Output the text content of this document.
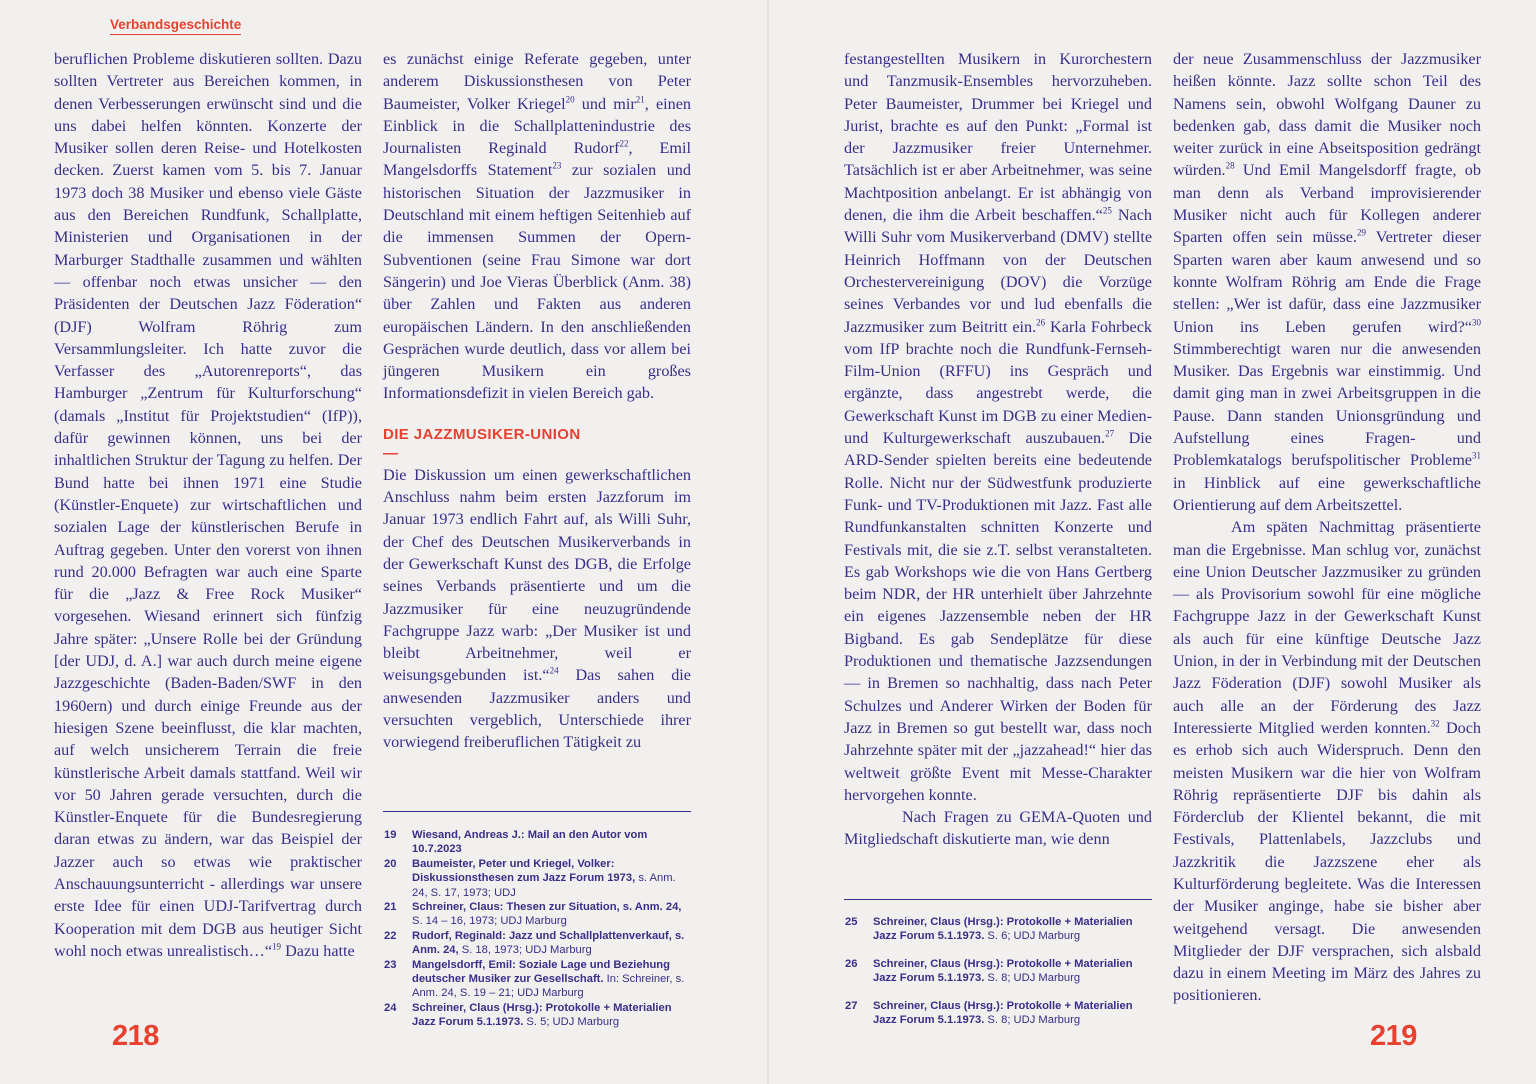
Verbandsgeschichte

beruflichen Probleme diskutieren sollten. Dazu sollten Vertreter aus Bereichen kommen, in denen Verbesserungen erwünscht sind und die uns dabei helfen könnten. Konzerte der Musiker sollen deren Reise- und Hotelkosten decken. Zuerst kamen vom 5. bis 7. Januar 1973 doch 38 Musiker und ebenso viele Gäste aus den Bereichen Rundfunk, Schallplatte, Ministerien und Organisationen in der Marburger Stadthalle zusammen und wählten — offenbar noch etwas unsicher — den Präsidenten der Deutschen Jazz Föderation“ (DJF) Wolfram Röhrig zum Versammlungsleiter. Ich hatte zuvor die Verfasser des „Autorenreports“, das Hamburger „Zentrum für Kulturforschung“ (damals „Institut für Projektstudien“ (IfP)), dafür gewinnen können, uns bei der inhaltlichen Struktur der Tagung zu helfen. Der Bund hatte bei ihnen 1971 eine Studie (Künstler-Enquete) zur wirtschaftlichen und sozialen Lage der künstlerischen Berufe in Auftrag gegeben. Unter den vorerst von ihnen rund 20.000 Befragten war auch eine Sparte für die „Jazz & Free Rock Musiker“ vorgesehen. Wiesand erinnert sich fünfzig Jahre später: „Unsere Rolle bei der Gründung [der UDJ, d. A.] war auch durch meine eigene Jazzgeschichte (Baden-Baden/SWF in den 1960ern) und durch einige Freunde aus der hiesigen Szene beeinflusst, die klar machten, auf welch unsicherem Terrain die freie künstlerische Arbeit damals stattfand. Weil wir vor 50 Jahren gerade versuchten, durch die Künstler-Enquete für die Bundesregierung daran etwas zu ändern, war das Beispiel der Jazzer auch so etwas wie praktischer Anschauungsunterricht - allerdings war unsere erste Idee für einen UDJ-Tarifvertrag durch Kooperation mit dem DGB aus heutiger Sicht wohl noch etwas unrealistisch…“$^{19}$ Dazu hatte

es zunächst einige Referate gegeben, unter anderem Diskussionsthesen von Peter Baumeister, Volker Kriegel$^{20}$ und mir$^{21}$, einen Einblick in die Schallplattenindustrie des Journalisten Reginald Rudorf$^{22}$, Emil Mangelsdorffs Statement$^{23}$ zur sozialen und historischen Situation der Jazzmusiker in Deutschland mit einem heftigen Seitenhieb auf die immensen Summen der Opern-Subventionen (seine Frau Simone war dort Sängerin) und Joe Vieras Überblick (Anm. 38) über Zahlen und Fakten aus anderen europäischen Ländern. In den anschließenden Gesprächen wurde deutlich, dass vor allem bei jüngeren Musikern ein großes Informationsdefizit in vielen Bereich gab.

DIE JAZZMUSIKER-UNION
—

Die Diskussion um einen gewerkschaftlichen Anschluss nahm beim ersten Jazzforum im Januar 1973 endlich Fahrt auf, als Willi Suhr, der Chef des Deutschen Musikerverbands in der Gewerkschaft Kunst des DGB, die Erfolge seines Verbands präsentierte und um die Jazzmusiker für eine neuzugründende Fachgruppe Jazz warb: „Der Musiker ist und bleibt Arbeitnehmer, weil er weisungsgebunden ist.“$^{24}$ Das sahen die anwesenden Jazzmusiker anders und versuchten vergeblich, Unterschiede ihrer vorwiegend freiberuflichen Tätigkeit zu

19	Wiesand, Andreas J.: Mail an den Autor vom 10.7.2023
20	Baumeister, Peter und Kriegel, Volker: Diskussionsthesen zum Jazz Forum 1973, s. Anm. 24, S. 17, 1973; UDJ
21	Schreiner, Claus: Thesen zur Situation, s. Anm. 24, S. 14 – 16, 1973; UDJ Marburg
22	Rudorf, Reginald: Jazz und Schallplattenverkauf, s. Anm. 24, S. 18, 1973; UDJ Marburg
23	Mangelsdorff, Emil: Soziale Lage und Beziehung deutscher Musiker zur Gesellschaft. In: Schreiner, s. Anm. 24, S. 19 – 21; UDJ Marburg
24	Schreiner, Claus (Hrsg.): Protokolle + Materialien Jazz Forum 5.1.1973. S. 5; UDJ Marburg
218

festangestellten Musikern in Kurorchestern und Tanzmusik-Ensembles hervorzuheben. Peter Baumeister, Drummer bei Kriegel und Jurist, brachte es auf den Punkt: „Formal ist der Jazzmusiker freier Unternehmer. Tatsächlich ist er aber Arbeitnehmer, was seine Machtposition anbelangt. Er ist abhängig von denen, die ihm die Arbeit beschaffen.“$^{25}$ Nach Willi Suhr vom Musikerverband (DMV) stellte Heinrich Hoffmann von der Deutschen Orchestervereinigung (DOV) die Vorzüge seines Verbandes vor und lud ebenfalls die Jazzmusiker zum Beitritt ein.$^{26}$ Karla Fohrbeck vom IfP brachte noch die Rundfunk-Fernseh-Film-Union (RFFU) ins Gespräch und ergänzte, dass angestrebt werde, die Gewerkschaft Kunst im DGB zu einer Medien- und Kulturgewerkschaft auszubauen.$^{27}$ Die ARD-Sender spielten bereits eine bedeutende Rolle. Nicht nur der Südwestfunk produzierte Funk- und TV-Produktionen mit Jazz. Fast alle Rundfunkanstalten schnitten Konzerte und Festivals mit, die sie z.T. selbst veranstalteten. Es gab Workshops wie die von Hans Gertberg beim NDR, der HR unterhielt über Jahrzehnte ein eigenes Jazzensemble neben der HR Bigband. Es gab Sendeplätze für diese Produktionen und thematische Jazzsendungen — in Bremen so nachhaltig, dass nach Peter Schulzes und Anderer Wirken der Boden für Jazz in Bremen so gut bestellt war, dass noch Jahrzehnte später mit der „jazzahead!“ hier das weltweit größte Event mit Messe-Charakter hervorgehen konnte.

Nach Fragen zu GEMA-Quoten und Mitgliedschaft diskutierte man, wie denn

25	Schreiner, Claus (Hrsg.): Protokolle + Materialien Jazz Forum 5.1.1973. S. 6; UDJ Marburg
26	Schreiner, Claus (Hrsg.): Protokolle + Materialien Jazz Forum 5.1.1973. S. 8; UDJ Marburg
27	Schreiner, Claus (Hrsg.): Protokolle + Materialien Jazz Forum 5.1.1973. S. 8; UDJ Marburg

der neue Zusammenschluss der Jazzmusiker heißen könnte. Jazz sollte schon Teil des Namens sein, obwohl Wolfgang Dauner zu bedenken gab, dass damit die Musiker noch weiter zurück in eine Abseitsposition gedrängt würden.$^{28}$ Und Emil Mangelsdorff fragte, ob man denn als Verband improvisierender Musiker nicht auch für Kollegen anderer Sparten offen sein müsse.$^{29}$ Vertreter dieser Sparten waren aber kaum anwesend und so konnte Wolfram Röhrig am Ende die Frage stellen: „Wer ist dafür, dass eine Jazzmusiker Union ins Leben gerufen wird?“$^{30}$ Stimmberechtigt waren nur die anwesenden Musiker. Das Ergebnis war einstimmig. Und damit ging man in zwei Arbeitsgruppen in die Pause. Dann standen Unionsgründung und Aufstellung eines Fragen- und Problemkatalogs berufspolitischer Probleme$^{31}$ in Hinblick auf eine gewerkschaftliche Orientierung auf dem Arbeitszettel.

Am späten Nachmittag präsentierte man die Ergebnisse. Man schlug vor, zunächst eine Union Deutscher Jazzmusiker zu gründen — als Provisorium sowohl für eine mögliche Fachgruppe Jazz in der Gewerkschaft Kunst als auch für eine künftige Deutsche Jazz Union, in der in Verbindung mit der Deutschen Jazz Föderation (DJF) sowohl Musiker als auch alle an der Förderung des Jazz Interessierte Mitglied werden konnten.$^{32}$ Doch es erhob sich auch Widerspruch. Denn den meisten Musikern war die hier von Wolfram Röhrig repräsentierte DJF bis dahin als Förderclub der Klientel bekannt, die mit Festivals, Plattenlabels, Jazzclubs und Jazzkritik die Jazzszene eher als Kulturförderung begleitete. Was die Interessen der Musiker anginge, habe sie bisher aber weitgehend versagt. Die anwesenden Mitglieder der DJF versprachen, sich alsbald dazu in einem Meeting im März des Jahres zu positionieren.

219
